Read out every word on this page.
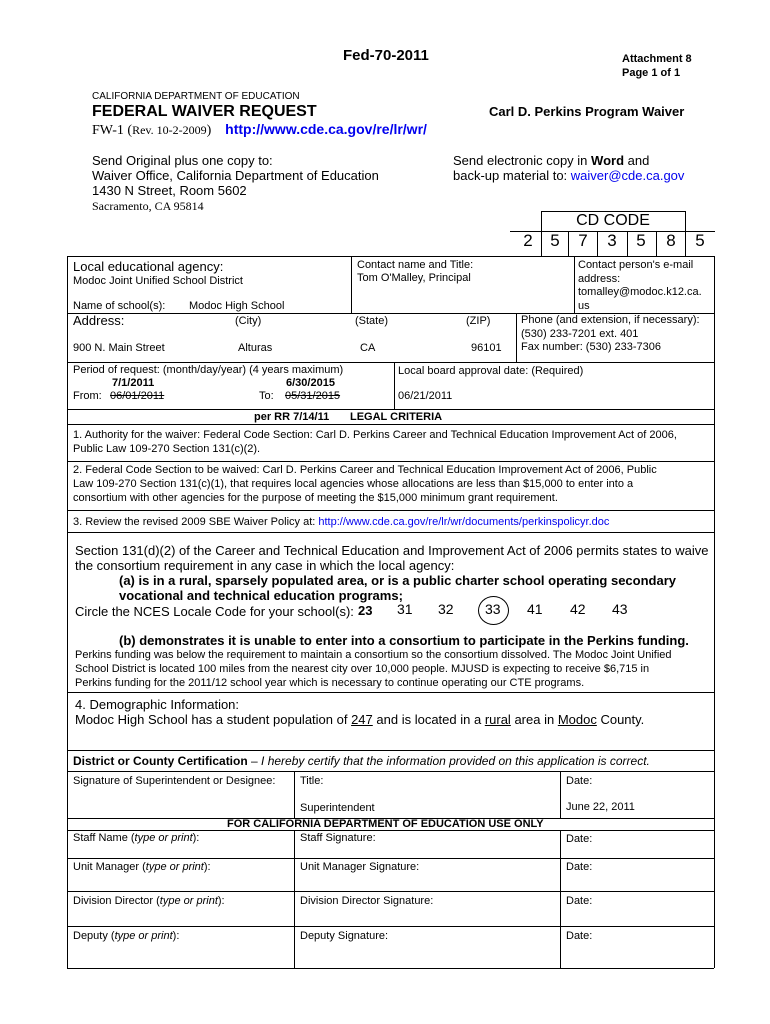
Fed-70-2011	Attachment 8
Page 1 of 1
CALIFORNIA DEPARTMENT OF EDUCATION
FEDERAL WAIVER REQUEST	Carl D. Perkins Program Waiver
FW-1 (Rev. 10-2-2009) http://www.cde.ca.gov/re/lr/wr/
Send Original plus one copy to:
Waiver Office, California Department of Education
1430 N Street, Room 5602
Sacramento, CA 95814
Send electronic copy in Word and
back-up material to: waiver@cde.ca.gov
CD CODE
2	5	7	3	5	8	5
Local educational agency:
Modoc Joint Unified School District
Name of school(s): Modoc High School
Contact name and Title:
Tom O'Malley, Principal
Contact person's e-mail
address:
tomalley@modoc.k12.ca.
us
Address:	(City)	(State)	(ZIP)
900 N. Main Street	Alturas	CA	96101
Phone (and extension, if necessary):
(530) 233-7201 ext. 401
Fax number: (530) 233-7306
Period of request: (month/day/year) (4 years maximum)
7/1/2011	6/30/2015
From: 06/01/2011	To: 05/31/2015
Local board approval date: (Required)
06/21/2011
per RR 7/14/11 LEGAL CRITERIA
1. Authority for the waiver: Federal Code Section: Carl D. Perkins Career and Technical Education Improvement Act of 2006,
Public Law 109-270 Section 131(c)(2).
2. Federal Code Section to be waived: Carl D. Perkins Career and Technical Education Improvement Act of 2006, Public
Law 109-270 Section 131(c)(1), that requires local agencies whose allocations are less than $15,000 to enter into a
consortium with other agencies for the purpose of meeting the $15,000 minimum grant requirement.
3. Review the revised 2009 SBE Waiver Policy at: http://www.cde.ca.gov/re/lr/wr/documents/perkinspolicyr.doc
Section 131(d)(2) of the Career and Technical Education and Improvement Act of 2006 permits states to waive
the consortium requirement in any case in which the local agency:
(a) is in a rural, sparsely populated area, or is a public charter school operating secondary
vocational and technical education programs;
Circle the NCES Locale Code for your school(s): 23 31 32 33 41 42 43
(b) demonstrates it is unable to enter into a consortium to participate in the Perkins funding.
Perkins funding was below the requirement to maintain a consortium so the consortium dissolved. The Modoc Joint Unified
School District is located 100 miles from the nearest city over 10,000 people. MJUSD is expecting to receive $6,715 in
Perkins funding for the 2011/12 school year which is necessary to continue operating our CTE programs.
4. Demographic Information:
Modoc High School has a student population of 247 and is located in a rural area in Modoc County.
District or County Certification – I hereby certify that the information provided on this application is correct.
Signature of Superintendent or Designee: Title:
Superintendent
Date:
June 22, 2011
FOR CALIFORNIA DEPARTMENT OF EDUCATION USE ONLY
Staff Name (type or print):	Staff Signature:	Date:
Unit Manager (type or print):	Unit Manager Signature:	Date:
Division Director (type or print):	Division Director Signature:	Date:
Deputy (type or print):	Deputy Signature:	Date:
